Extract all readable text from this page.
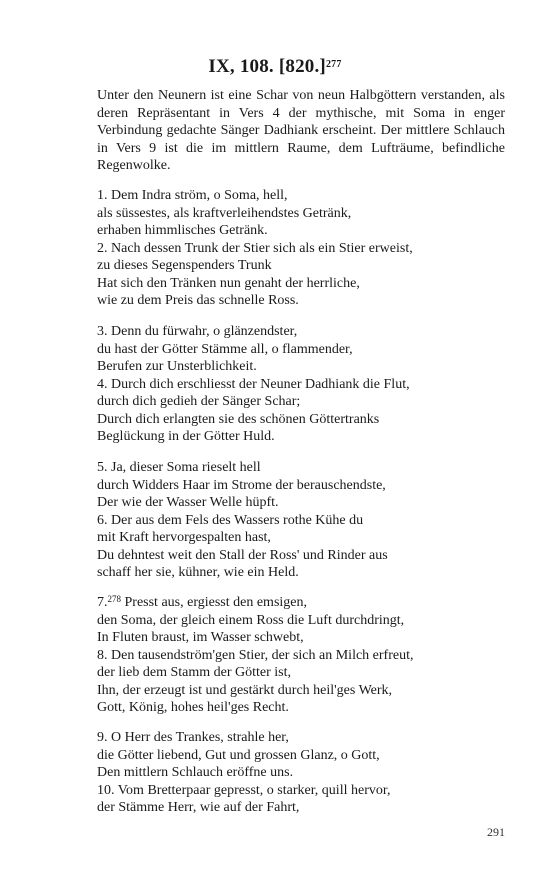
IX, 108. $[820.]^{277}$
Unter den Neunern ist eine Schar von neun Halbgöttern verstanden, als deren Repräsentant in Vers 4 der mythische, mit Soma in enger Verbindung gedachte Sänger Dadhiank erscheint. Der mittlere Schlauch in Vers 9 ist die im mittlern Raume, dem Lufträume, befindliche Regenwolke.
1. Dem Indra ström, o Soma, hell,
als süssestes, als kraftverleihendstes Getränk,
erhaben himmlisches Getränk.
2. Nach dessen Trunk der Stier sich als ein Stier erweist,
zu dieses Segenspenders Trunk
Hat sich den Tränken nun genaht der herrliche,
wie zu dem Preis das schnelle Ross.
3. Denn du fürwahr, o glänzendster,
du hast der Götter Stämme all, o flammender,
Berufen zur Unsterblichkeit.
4. Durch dich erschliesst der Neuner Dadhiank die Flut,
durch dich gedieh der Sänger Schar;
Durch dich erlangten sie des schönen Göttertranks
Beglückung in der Götter Huld.
5. Ja, dieser Soma rieselt hell
durch Widders Haar im Strome der berauschendste,
Der wie der Wasser Welle hüpft.
6. Der aus dem Fels des Wassers rothe Kühe du
mit Kraft hervorgespalten hast,
Du dehntest weit den Stall der Ross' und Rinder aus
schaff her sie, kühner, wie ein Held.
7.$^{278}$ Presst aus, ergiesst den emsigen,
den Soma, der gleich einem Ross die Luft durchdringt,
In Fluten braust, im Wasser schwebt,
8. Den tausendström'gen Stier, der sich an Milch erfreut,
der lieb dem Stamm der Götter ist,
Ihn, der erzeugt ist und gestärkt durch heil'ges Werk,
Gott, König, hohes heil'ges Recht.
9. O Herr des Trankes, strahle her,
die Götter liebend, Gut und grossen Glanz, o Gott,
Den mittlern Schlauch eröffne uns.
10. Vom Bretterpaar gepresst, o starker, quill hervor,
der Stämme Herr, wie auf der Fahrt,
291
